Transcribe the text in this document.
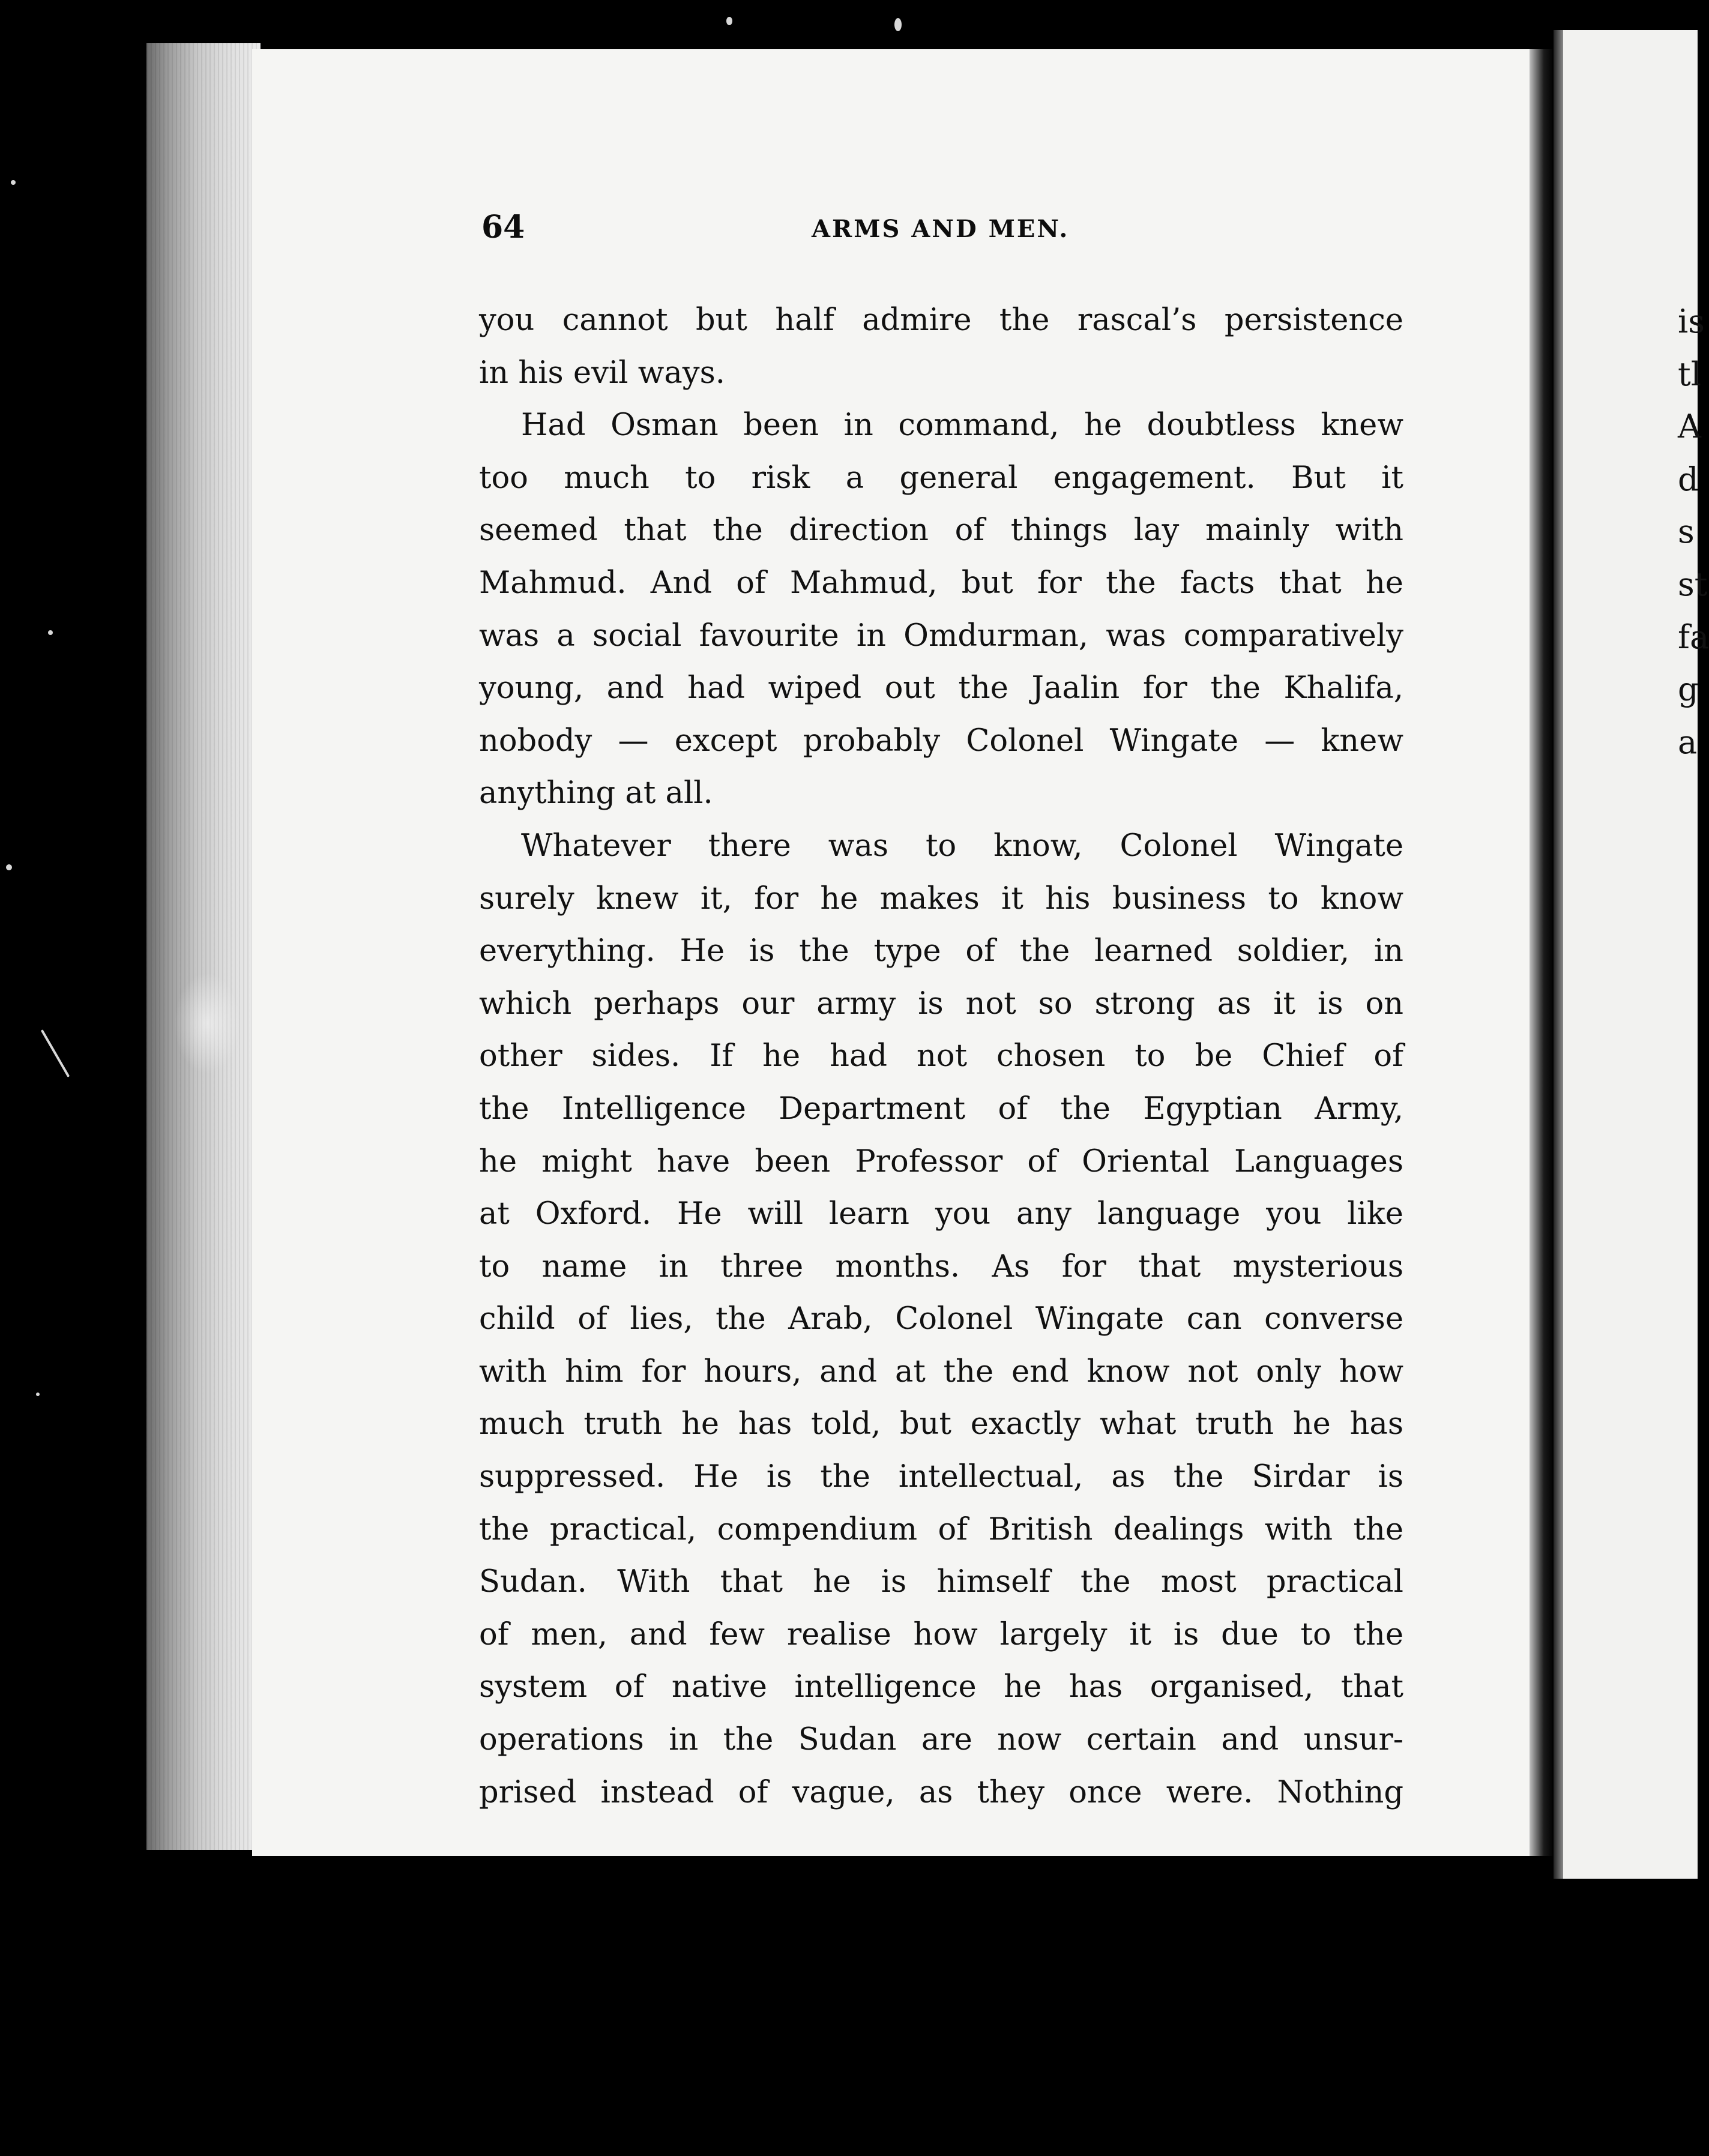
64	ARMS AND MEN.
you cannot but half admire the rascal’s persistence
in his evil ways.
Had Osman been in command, he doubtless knew
too much to risk a general engagement. But it
seemed that the direction of things lay mainly with
Mahmud. And of Mahmud, but for the facts that he
was a social favourite in Omdurman, was comparatively
young, and had wiped out the Jaalin for the Khalifa,
nobody — except probably Colonel Wingate — knew
anything at all.
Whatever there was to know, Colonel Wingate
surely knew it, for he makes it his business to know
everything. He is the type of the learned soldier, in
which perhaps our army is not so strong as it is on
other sides. If he had not chosen to be Chief of
the Intelligence Department of the Egyptian Army,
he might have been Professor of Oriental Languages
at Oxford. He will learn you any language you like
to name in three months. As for that mysterious
child of lies, the Arab, Colonel Wingate can converse
with him for hours, and at the end know not only how
much truth he has told, but exactly what truth he has
suppressed. He is the intellectual, as the Sirdar is
the practical, compendium of British dealings with the
Sudan. With that he is himself the most practical
of men, and few realise how largely it is due to the
system of native intelligence he has organised, that
operations in the Sudan are now certain and unsur-
prised instead of vague, as they once were. Nothing
is
tl
A
d
s
st
fa
g
a
